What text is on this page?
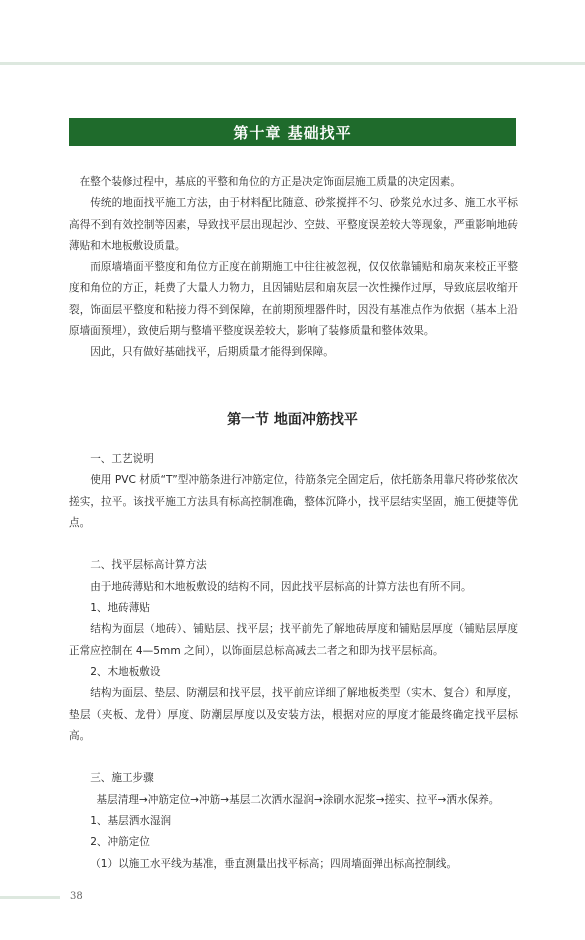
第十章 基础找平

在整个装修过程中，基底的平整和角位的方正是决定饰面层施工质量的决定因素。

传统的地面找平施工方法，由于材料配比随意、砂浆搅拌不匀、砂浆兑水过多、施工水平标高得不到有效控制等因素，导致找平层出现起沙、空鼓、平整度误差较大等现象，严重影响地砖薄贴和木地板敷设质量。

而原墙墙面平整度和角位方正度在前期施工中往往被忽视，仅仅依靠铺贴和扇灰来校正平整度和角位的方正，耗费了大量人力物力，且因铺贴层和扇灰层一次性操作过厚，导致底层收缩开裂，饰面层平整度和粘接力得不到保障，在前期预埋器件时，因没有基准点作为依据（基本上沿原墙面预埋），致使后期与整墙平整度误差较大，影响了装修质量和整体效果。

因此，只有做好基础找平，后期质量才能得到保障。

第一节 地面冲筋找平

一、工艺说明

使用 PVC 材质“T”型冲筋条进行冲筋定位，待筋条完全固定后，依托筋条用靠尺将砂浆依次搓实，拉平。该找平施工方法具有标高控制准确，整体沉降小，找平层结实坚固，施工便捷等优点。

二、找平层标高计算方法

由于地砖薄贴和木地板敷设的结构不同，因此找平层标高的计算方法也有所不同。

1、地砖薄贴

结构为面层（地砖）、铺贴层、找平层；找平前先了解地砖厚度和铺贴层厚度（铺贴层厚度正常应控制在 4—5mm 之间），以饰面层总标高减去二者之和即为找平层标高。

2、木地板敷设

结构为面层、垫层、防潮层和找平层，找平前应详细了解地板类型（实木、复合）和厚度，垫层（夹板、龙骨）厚度、防潮层厚度以及安装方法，根据对应的厚度才能最终确定找平层标高。

三、施工步骤

基层清理→冲筋定位→冲筋→基层二次洒水湿润→涂刷水泥浆→搓实、拉平→洒水保养。

1、基层洒水湿润

2、冲筋定位

（1）以施工水平线为基准，垂直测量出找平标高；四周墙面弹出标高控制线。

38
